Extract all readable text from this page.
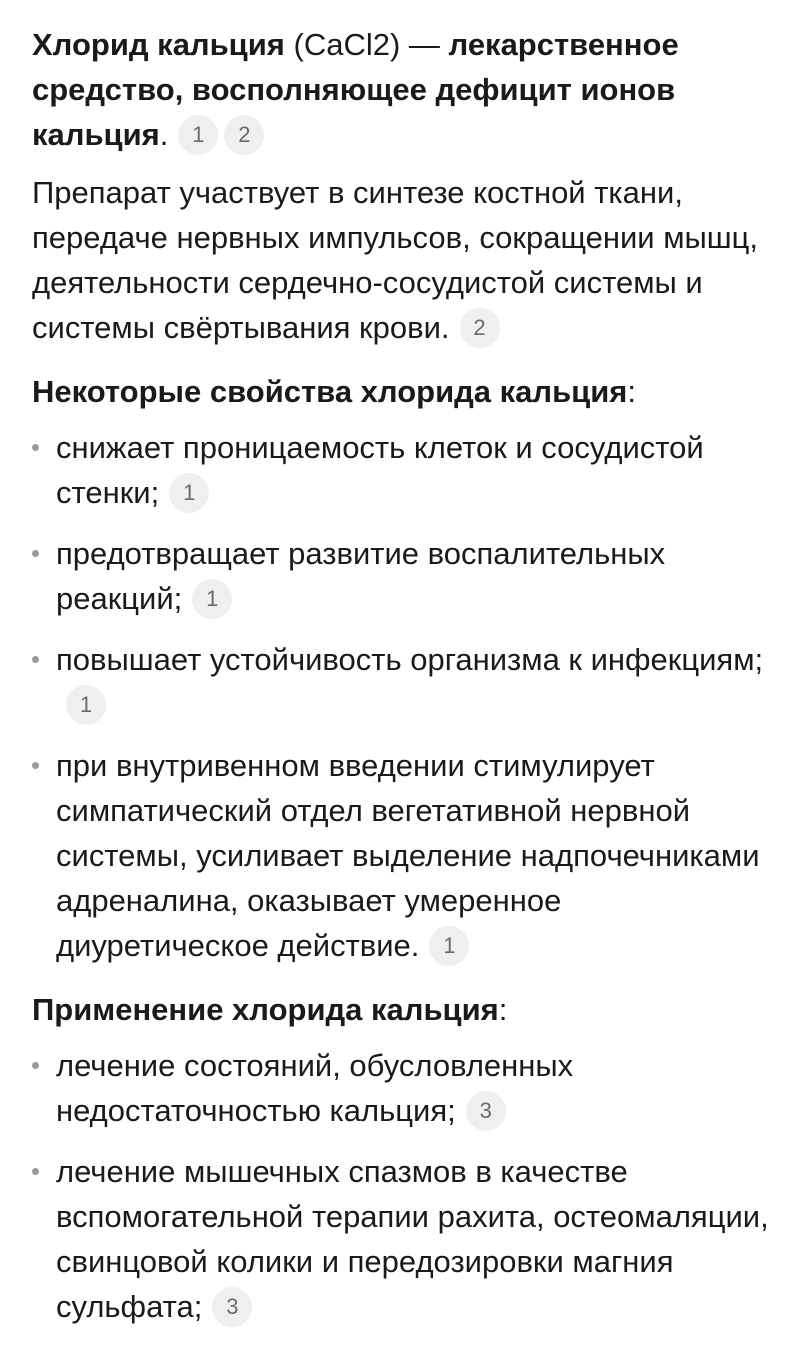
Хлорид кальция (CaCl2) — лекарственное средство, восполняющее дефицит ионов кальция. 1 2

Препарат участвует в синтезе костной ткани, передаче нервных импульсов, сокращении мышц, деятельности сердечно-сосудистой системы и системы свёртывания крови. 2

Некоторые свойства хлорида кальция:

снижает проницаемость клеток и сосудистой стенки; 1
предотвращает развитие воспалительных реакций; 1
повышает устойчивость организма к инфекциям;1
при внутривенном введении стимулирует симпатический отдел вегетативной нервной системы, усиливает выделение надпочечниками адреналина, оказывает умеренное диуретическое действие. 1

Применение хлорида кальция:

лечение состояний, обусловленных недостаточностью кальция; 3
лечение мышечных спазмов в качестве вспомогательной терапии рахита, остеомаляции, свинцовой колики и передозировки магния сульфата; 3
